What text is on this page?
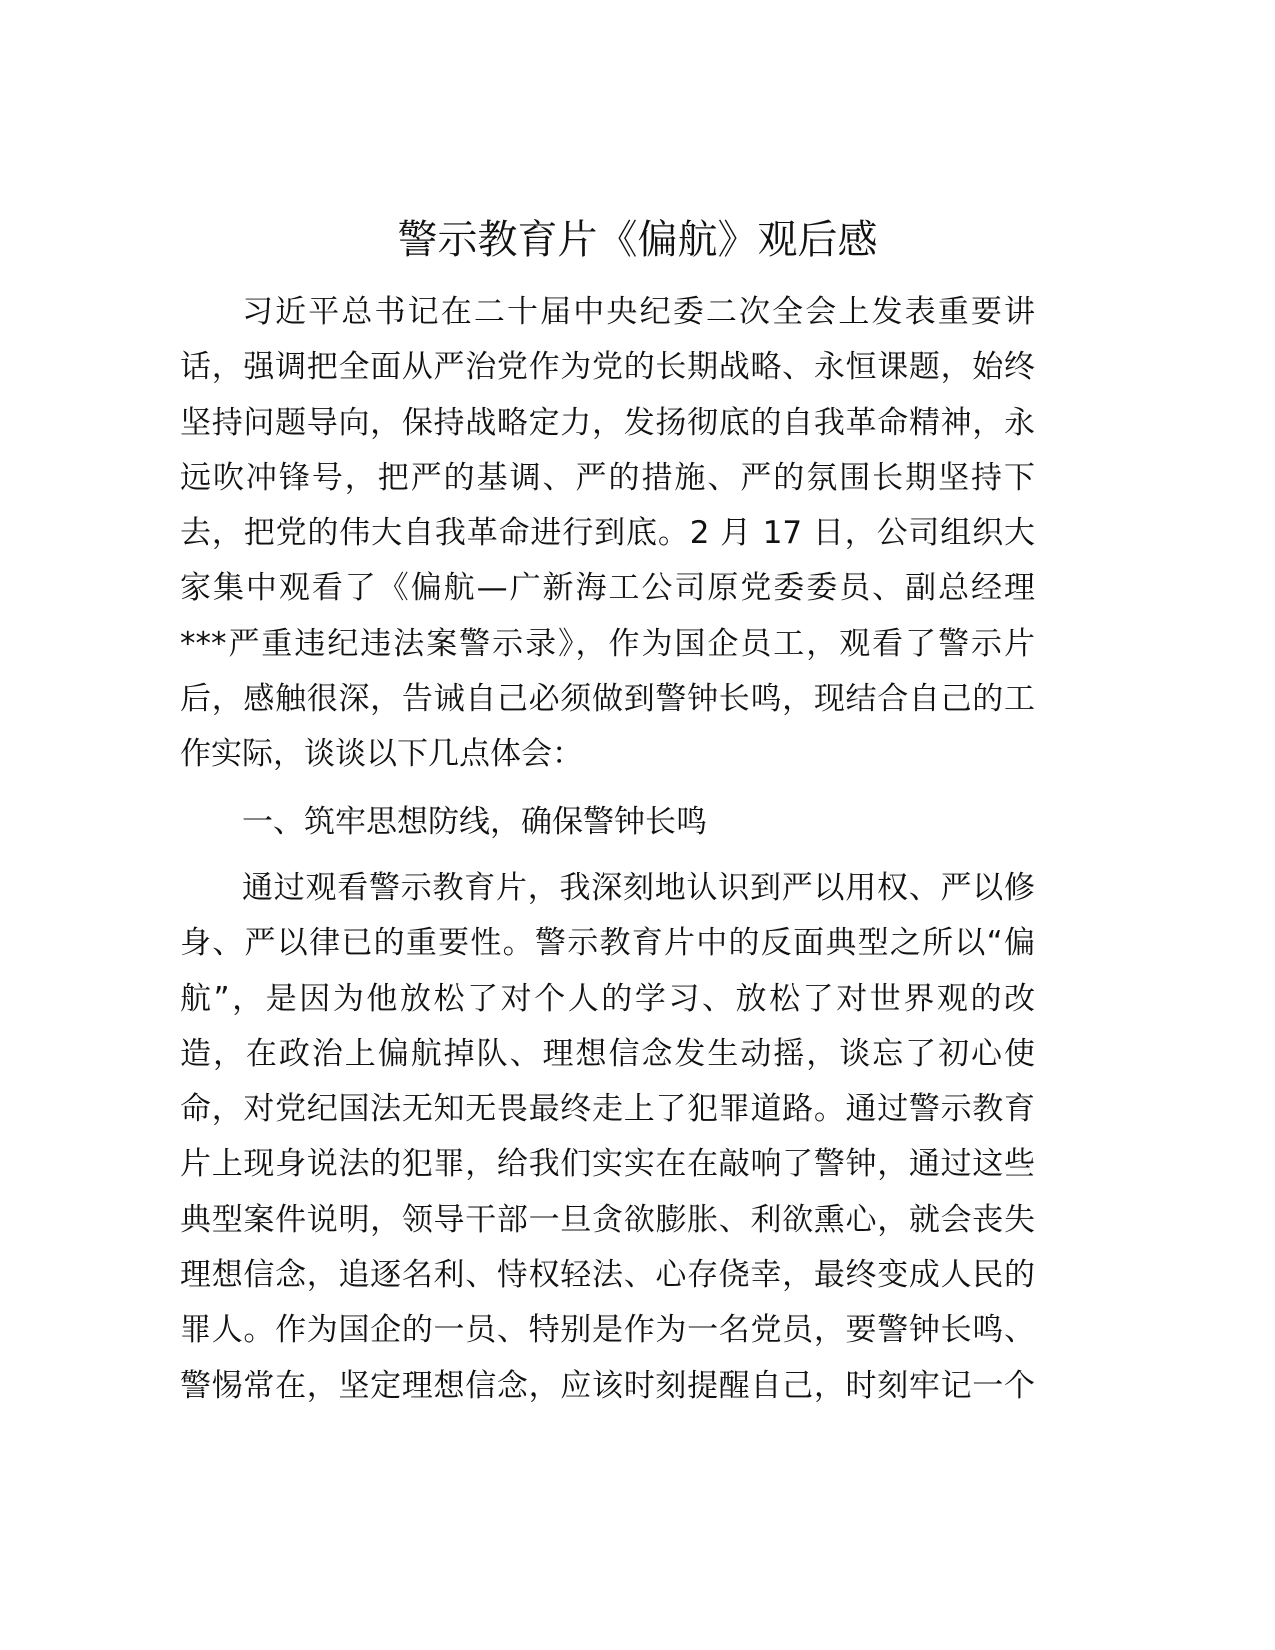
警示教育片《偏航》观后感
习近平总书记在二十届中央纪委二次全会上发表重要讲
话，强调把全面从严治党作为党的长期战略、永恒课题，始终
坚持问题导向，保持战略定力，发扬彻底的自我革命精神，永
远吹冲锋号，把严的基调、严的措施、严的氛围长期坚持下
去，把党的伟大自我革命进行到底。2 月 17 日，公司组织大
家集中观看了《偏航—广新海工公司原党委委员、副总经理
***严重违纪违法案警示录》，作为国企员工，观看了警示片
后，感触很深，告诫自己必须做到警钟长鸣，现结合自己的工
作实际，谈谈以下几点体会：
一、筑牢思想防线，确保警钟长鸣
通过观看警示教育片，我深刻地认识到严以用权、严以修
身、严以律已的重要性。警示教育片中的反面典型之所以“偏
航”，是因为他放松了对个人的学习、放松了对世界观的改
造，在政治上偏航掉队、理想信念发生动摇，谈忘了初心使
命，对党纪国法无知无畏最终走上了犯罪道路。通过警示教育
片上现身说法的犯罪，给我们实实在在敲响了警钟，通过这些
典型案件说明，领导干部一旦贪欲膨胀、利欲熏心，就会丧失
理想信念，追逐名利、恃权轻法、心存侥幸，最终变成人民的
罪人。作为国企的一员、特别是作为一名党员，要警钟长鸣、
警惕常在，坚定理想信念，应该时刻提醒自己，时刻牢记一个
